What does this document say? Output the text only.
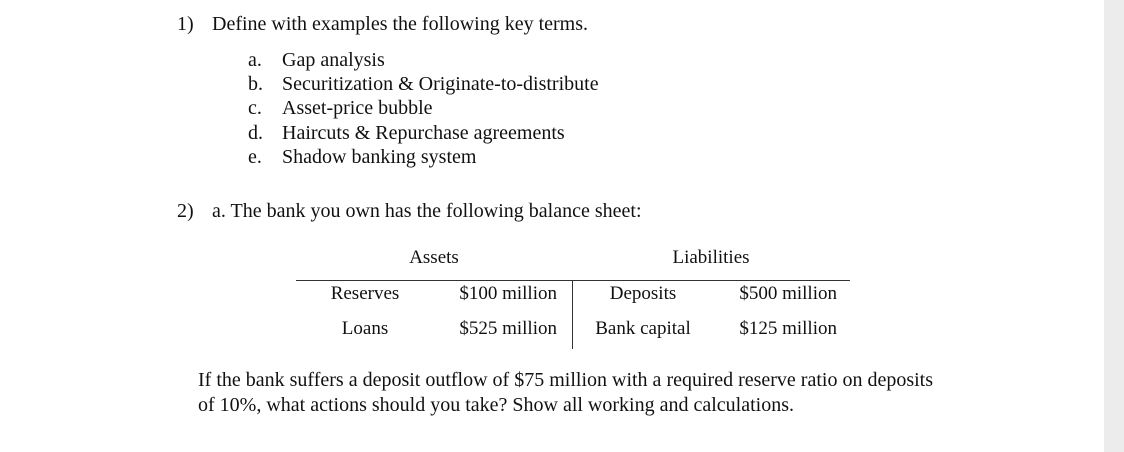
1) Define with examples the following key terms.
a. Gap analysis
b. Securitization & Originate-to-distribute
c. Asset-price bubble
d. Haircuts & Repurchase agreements
e. Shadow banking system
2) a. The bank you own has the following balance sheet:
Assets	Liabilities
Reserves	$100 million	Deposits	$500 million
Loans	$525 million Bank capital	$125 million
If the bank suffers a deposit outflow of $75 million with a required reserve ratio on deposits
of 10%, what actions should you take? Show all working and calculations.
